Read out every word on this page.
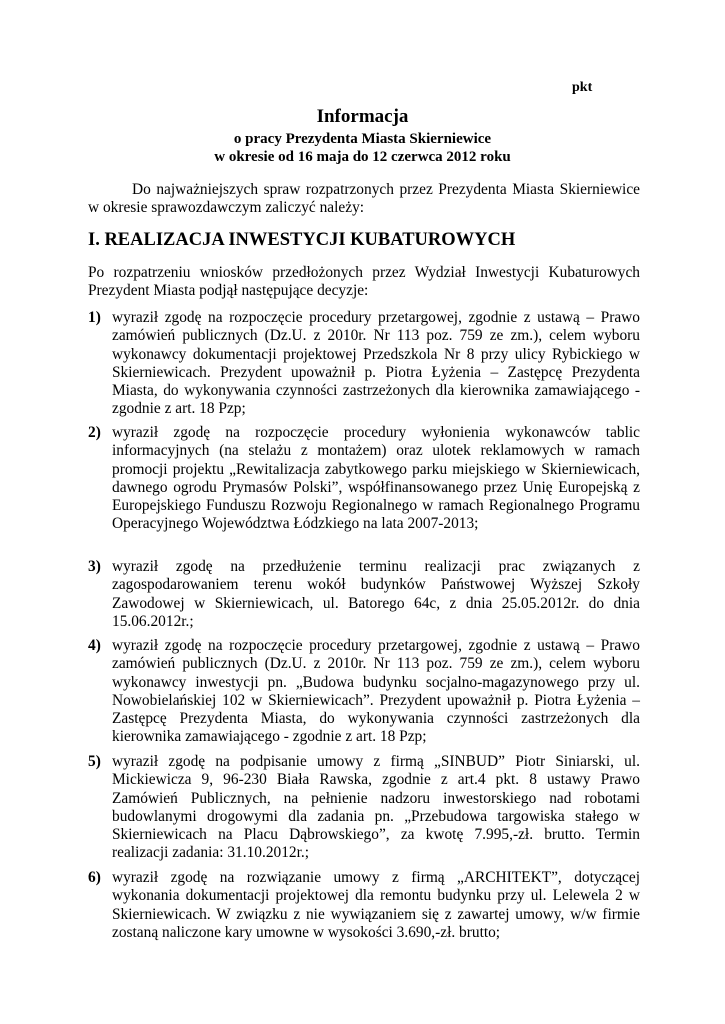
pkt
Informacja
o pracy Prezydenta Miasta Skierniewice
w okresie od 16 maja do 12 czerwca 2012 roku
Do najważniejszych spraw rozpatrzonych przez Prezydenta Miasta Skierniewice w okresie sprawozdawczym zaliczyć należy:
I. REALIZACJA INWESTYCJI KUBATUROWYCH
Po rozpatrzeniu wniosków przedłożonych przez Wydział Inwestycji Kubaturowych Prezydent Miasta podjął następujące decyzje:
1) wyraził zgodę na rozpoczęcie procedury przetargowej, zgodnie z ustawą – Prawo zamówień publicznych (Dz.U. z 2010r. Nr 113 poz. 759 ze zm.), celem wyboru wykonawcy dokumentacji projektowej Przedszkola Nr 8 przy ulicy Rybickiego w Skierniewicach. Prezydent upoważnił p. Piotra Łyżenia – Zastępcę Prezydenta Miasta, do wykonywania czynności zastrzeżonych dla kierownika zamawiającego - zgodnie z art. 18 Pzp;
2) wyraził zgodę na rozpoczęcie procedury wyłonienia wykonawców tablic informacyjnych (na stelażu z montażem) oraz ulotek reklamowych w ramach promocji projektu „Rewitalizacja zabytkowego parku miejskiego w Skierniewicach, dawnego ogrodu Prymasów Polski”, współfinansowanego przez Unię Europejską z Europejskiego Funduszu Rozwoju Regionalnego w ramach Regionalnego Programu Operacyjnego Województwa Łódzkiego na lata 2007-2013;
3) wyraził zgodę na przedłużenie terminu realizacji prac związanych z zagospodarowaniem terenu wokół budynków Państwowej Wyższej Szkoły Zawodowej w Skierniewicach, ul. Batorego 64c, z dnia 25.05.2012r. do dnia 15.06.2012r.;
4) wyraził zgodę na rozpoczęcie procedury przetargowej, zgodnie z ustawą – Prawo zamówień publicznych (Dz.U. z 2010r. Nr 113 poz. 759 ze zm.), celem wyboru wykonawcy inwestycji pn. „Budowa budynku socjalno-magazynowego przy ul. Nowobielańskiej 102 w Skierniewicach”. Prezydent upoważnił p. Piotra Łyżenia – Zastępcę Prezydenta Miasta, do wykonywania czynności zastrzeżonych dla kierownika zamawiającego - zgodnie z art. 18 Pzp;
5) wyraził zgodę na podpisanie umowy z firmą „SINBUD” Piotr Siniarski, ul. Mickiewicza 9, 96-230 Biała Rawska, zgodnie z art.4 pkt. 8 ustawy Prawo Zamówień Publicznych, na pełnienie nadzoru inwestorskiego nad robotami budowlanymi drogowymi dla zadania pn. „Przebudowa targowiska stałego w Skierniewicach na Placu Dąbrowskiego”, za kwotę 7.995,-zł. brutto. Termin realizacji zadania: 31.10.2012r.;
6) wyraził zgodę na rozwiązanie umowy z firmą „ARCHITEKT”, dotyczącej wykonania dokumentacji projektowej dla remontu budynku przy ul. Lelewela 2 w Skierniewicach. W związku z nie wywiązaniem się z zawartej umowy, w/w firmie zostaną naliczone kary umowne w wysokości 3.690,-zł. brutto;
